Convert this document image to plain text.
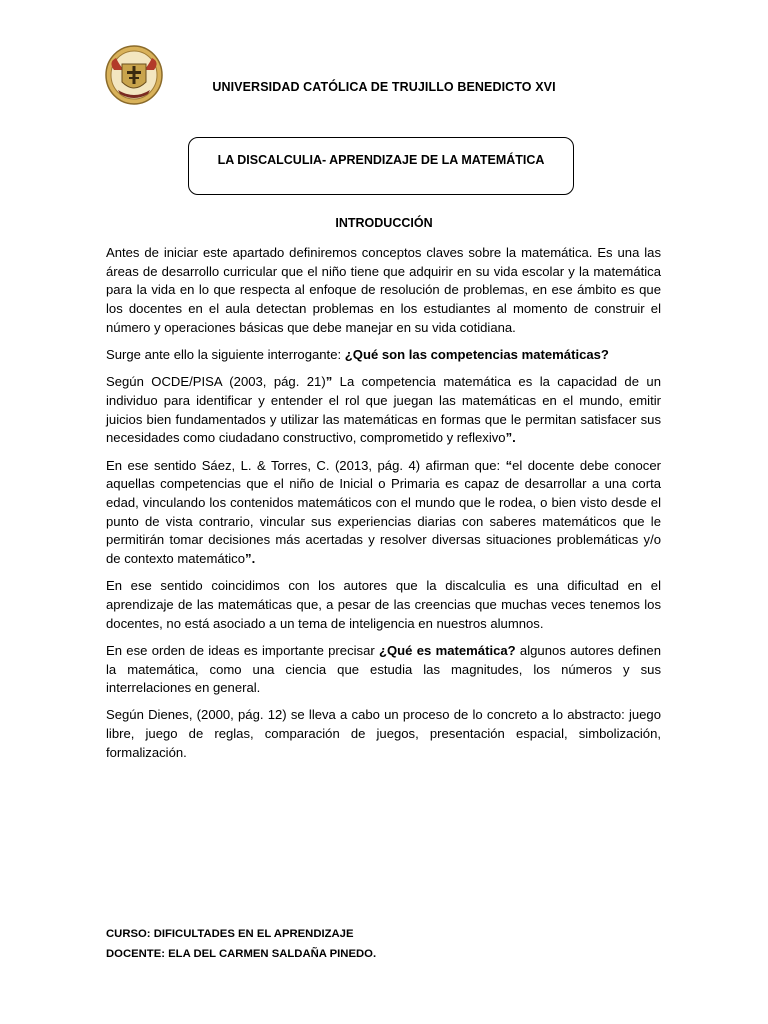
UNIVERSIDAD CATÓLICA DE TRUJILLO BENEDICTO XVI
LA DISCALCULIA- APRENDIZAJE DE LA MATEMÁTICA
INTRODUCCIÓN

Antes de iniciar este apartado definiremos conceptos claves sobre la matemática. Es una las áreas de desarrollo curricular que el niño tiene que adquirir en su vida escolar y la matemática para la vida en lo que respecta al enfoque de resolución de problemas, en ese ámbito es que los docentes en el aula detectan problemas en los estudiantes al momento de construir el número y operaciones básicas que debe manejar en su vida cotidiana.

Surge ante ello la siguiente interrogante: ¿Qué son las competencias matemáticas?

Según OCDE/PISA (2003, pág. 21)” La competencia matemática es la capacidad de un individuo para identificar y entender el rol que juegan las matemáticas en el mundo, emitir juicios bien fundamentados y utilizar las matemáticas en formas que le permitan satisfacer sus necesidades como ciudadano constructivo, comprometido y reflexivo”.

En ese sentido Sáez, L. & Torres, C. (2013, pág. 4) afirman que: “el docente debe conocer aquellas competencias que el niño de Inicial o Primaria es capaz de desarrollar a una corta edad, vinculando los contenidos matemáticos con el mundo que le rodea, o bien visto desde el punto de vista contrario, vincular sus experiencias diarias con saberes matemáticos que le permitirán tomar decisiones más acertadas y resolver diversas situaciones problemáticas y/o de contexto matemático”.

En ese sentido coincidimos con los autores que la discalculia es una dificultad en el aprendizaje de las matemáticas que, a pesar de las creencias que muchas veces tenemos los docentes, no está asociado a un tema de inteligencia en nuestros alumnos.

En ese orden de ideas es importante precisar ¿Qué es matemática? algunos autores definen la matemática, como una ciencia que estudia las magnitudes, los números y sus interrelaciones en general.

Según Dienes, (2000, pág. 12) se lleva a cabo un proceso de lo concreto a lo abstracto: juego libre, juego de reglas, comparación de juegos, presentación espacial, simbolización, formalización.

CURSO: DIFICULTADES EN EL APRENDIZAJE
DOCENTE: ELA DEL CARMEN SALDAÑA PINEDO.
